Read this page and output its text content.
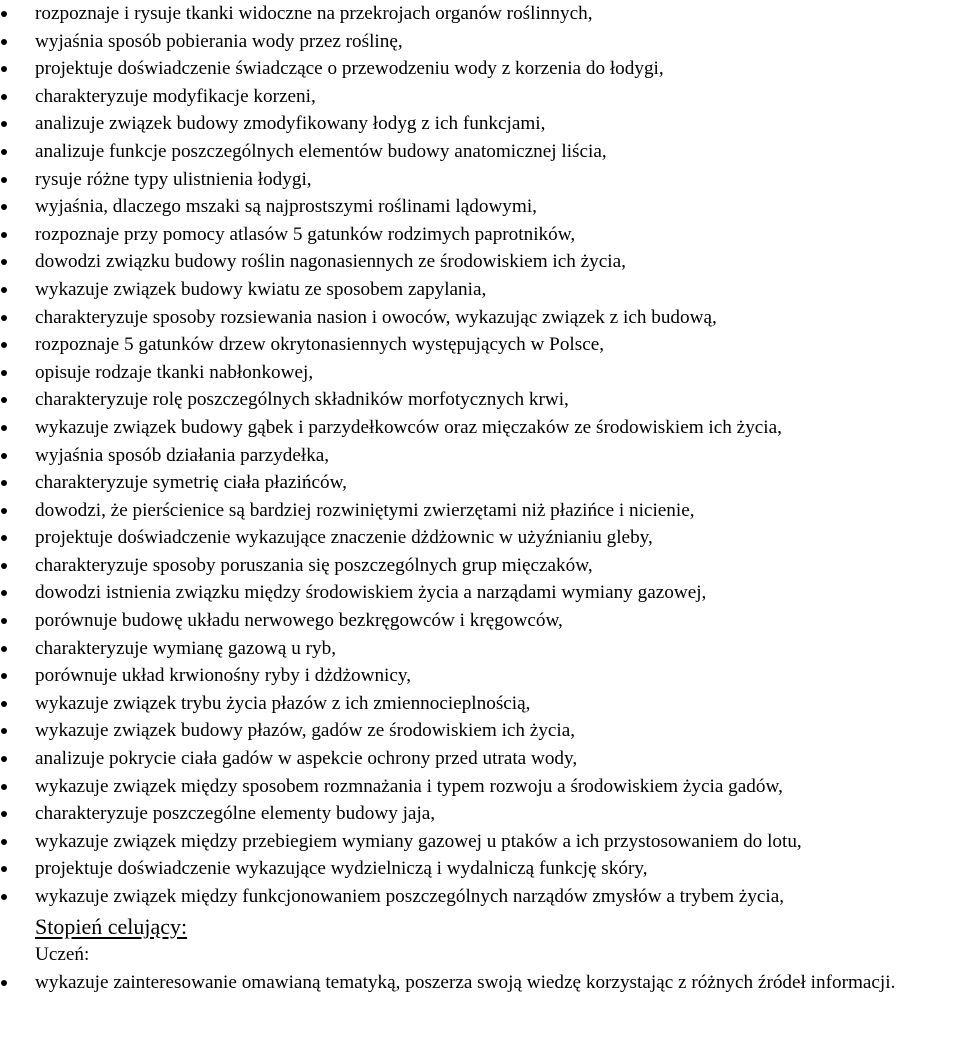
rozpoznaje i rysuje tkanki widoczne na przekrojach organów roślinnych,
wyjaśnia sposób pobierania wody przez roślinę,
projektuje doświadczenie świadczące o przewodzeniu wody z korzenia do łodygi,
charakteryzuje modyfikacje korzeni,
analizuje związek budowy zmodyfikowany łodyg z ich funkcjami,
analizuje funkcje poszczególnych elementów budowy anatomicznej liścia,
rysuje różne typy ulistnienia łodygi,
wyjaśnia, dlaczego mszaki są najprostszymi roślinami lądowymi,
rozpoznaje przy pomocy atlasów 5 gatunków rodzimych paprotników,
dowodzi związku budowy roślin nagonasiennych ze środowiskiem ich życia,
wykazuje związek budowy kwiatu ze sposobem zapylania,
charakteryzuje sposoby rozsiewania nasion i owoców, wykazując związek z ich budową,
rozpoznaje 5 gatunków drzew okrytonasiennych występujących w Polsce,
opisuje rodzaje tkanki nabłonkowej,
charakteryzuje rolę poszczególnych składników morfotycznych krwi,
wykazuje związek budowy gąbek i parzydełkowców oraz mięczaków ze środowiskiem ich życia,
wyjaśnia sposób działania parzydełka,
charakteryzuje symetrię ciała płazińców,
dowodzi, że pierścienice są bardziej rozwiniętymi zwierzętami niż płazińce i nicienie,
projektuje doświadczenie wykazujące znaczenie dżdżownic w użyźnianiu gleby,
charakteryzuje sposoby poruszania się poszczególnych grup mięczaków,
dowodzi istnienia związku między środowiskiem życia a narządami wymiany gazowej,
porównuje budowę układu nerwowego bezkręgowców i kręgowców,
charakteryzuje wymianę gazową u ryb,
porównuje układ krwionośny ryby i dżdżownicy,
wykazuje związek trybu życia płazów z ich zmiennocieplnością,
wykazuje związek budowy płazów, gadów ze środowiskiem ich życia,
analizuje pokrycie ciała gadów w aspekcie ochrony przed utrata wody,
wykazuje związek między sposobem rozmnażania i typem rozwoju a środowiskiem życia gadów,
charakteryzuje poszczególne elementy budowy jaja,
wykazuje związek między przebiegiem wymiany gazowej u ptaków a ich przystosowaniem do lotu,
projektuje doświadczenie wykazujące wydzielniczą i wydalniczą funkcję skóry,
wykazuje związek między funkcjonowaniem poszczególnych narządów zmysłów a trybem życia,
Stopień celujący:
Uczeń:
wykazuje zainteresowanie omawianą tematyką, poszerza swoją wiedzę korzystając z różnych źródeł informacji.
